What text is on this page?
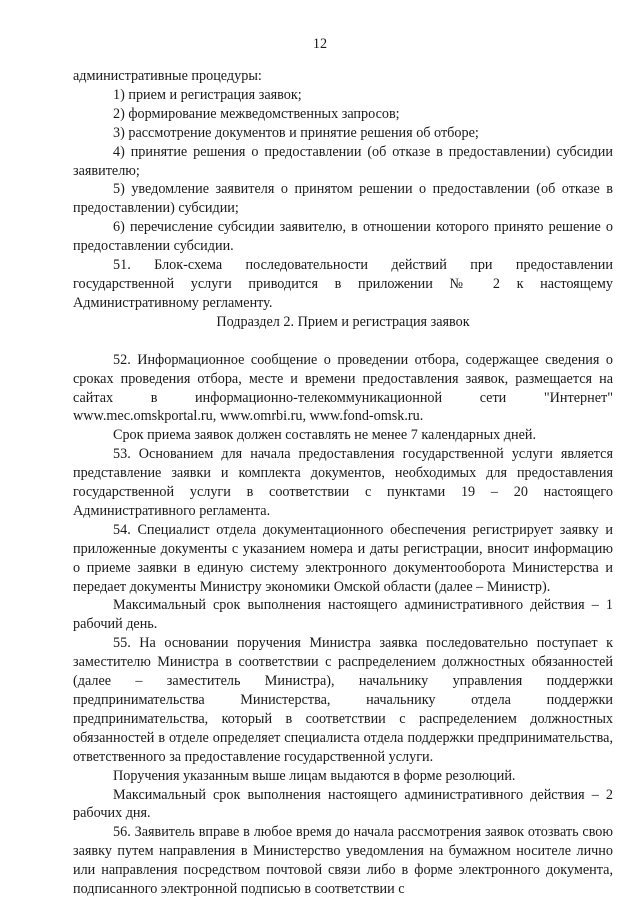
12

административные процедуры:

1) прием и регистрация заявок;

2) формирование межведомственных запросов;

3) рассмотрение документов и принятие решения об отборе;

4) принятие решения о предоставлении (об отказе в предоставлении) субсидии заявителю;

5) уведомление заявителя о принятом решении о предоставлении (об отказе в предоставлении) субсидии;

6) перечисление субсидии заявителю, в отношении которого принято решение о предоставлении субсидии.

51. Блок-схема последовательности действий при предоставлении государственной услуги приводится в приложении № 2 к настоящему Административному регламенту.

Подраздел 2. Прием и регистрация заявок

52. Информационное сообщение о проведении отбора, содержащее сведения о сроках проведения отбора, месте и времени предоставления заявок, размещается на сайтах в информационно-телекоммуникационной сети "Интернет" www.mec.omskportal.ru, www.omrbi.ru, www.fond-omsk.ru.

Срок приема заявок должен составлять не менее 7 календарных дней.

53. Основанием для начала предоставления государственной услуги является представление заявки и комплекта документов, необходимых для предоставления государственной услуги в соответствии с пунктами 19 – 20 настоящего Административного регламента.

54. Специалист отдела документационного обеспечения регистрирует заявку и приложенные документы с указанием номера и даты регистрации, вносит информацию о приеме заявки в единую систему электронного документооборота Министерства и передает документы Министру экономики Омской области (далее – Министр).

Максимальный срок выполнения настоящего административного действия – 1 рабочий день.

55. На основании поручения Министра заявка последовательно поступает к заместителю Министра в соответствии с распределением должностных обязанностей (далее – заместитель Министра), начальнику управления поддержки предпринимательства Министерства, начальнику отдела поддержки предпринимательства, который в соответствии с распределением должностных обязанностей в отделе определяет специалиста отдела поддержки предпринимательства, ответственного за предоставление государственной услуги.

Поручения указанным выше лицам выдаются в форме резолюций.

Максимальный срок выполнения настоящего административного действия – 2 рабочих дня.

56. Заявитель вправе в любое время до начала рассмотрения заявок отозвать свою заявку путем направления в Министерство уведомления на бумажном носителе лично или направления посредством почтовой связи либо в форме электронного документа, подписанного электронной подписью в соответствии с
